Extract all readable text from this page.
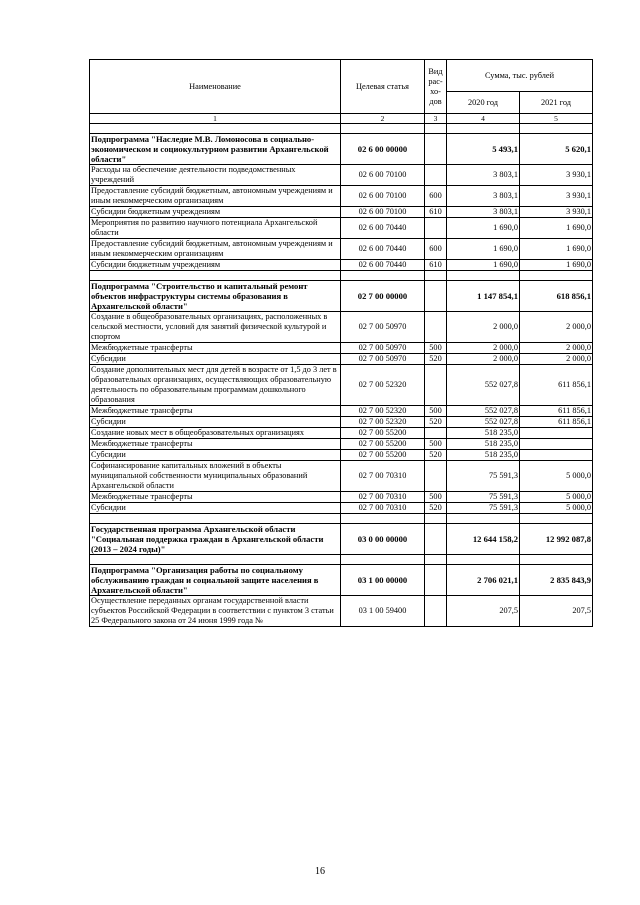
Наименование	Целевая статья	Вид рас-хо-дов	Сумма, тыс. рублей	
			2020 год	2021 год
1	2	3	4	5

Подпрограмма "Наследие М.В. Ломоносова в социально-экономическом и социокультурном развитии Архангельской области"	02 6 00 00000		5 493,1	5 620,1
Расходы на обеспечение деятельности подведомственных учреждений	02 6 00 70100		3 803,1	3 930,1
Предоставление субсидий бюджетным, автономным учреждениям и иным некоммерческим организациям	02 6 00 70100	600	3 803,1	3 930,1
Субсидии бюджетным учреждениям	02 6 00 70100	610	3 803,1	3 930,1
Мероприятия по развитию научного потенциала Архангельской области	02 6 00 70440		1 690,0	1 690,0
Предоставление субсидий бюджетным, автономным учреждениям и иным некоммерческим организациям	02 6 00 70440	600	1 690,0	1 690,0
Субсидии бюджетным учреждениям	02 6 00 70440	610	1 690,0	1 690,0

Подпрограмма "Строительство и капитальный ремонт объектов инфраструктуры системы образования в Архангельской области"	02 7 00 00000		1 147 854,1	618 856,1
Создание в общеобразовательных организациях, расположенных в сельской местности, условий для занятий физической культурой и спортом	02 7 00 50970		2 000,0	2 000,0
Межбюджетные трансферты	02 7 00 50970	500	2 000,0	2 000,0
Субсидии	02 7 00 50970	520	2 000,0	2 000,0
Создание дополнительных мест для детей в возрасте от 1,5 до 3 лет в образовательных организациях, осуществляющих образовательную деятельность по образовательным программам дошкольного образования	02 7 00 52320		552 027,8	611 856,1
Межбюджетные трансферты	02 7 00 52320	500	552 027,8	611 856,1
Субсидии	02 7 00 52320	520	552 027,8	611 856,1
Создание новых мест в общеобразовательных организациях	02 7 00 55200		518 235,0	
Межбюджетные трансферты	02 7 00 55200	500	518 235,0	
Субсидии	02 7 00 55200	520	518 235,0	
Софинансирование капитальных вложений в объекты муниципальной собственности муниципальных образований Архангельской области	02 7 00 70310		75 591,3	5 000,0
Межбюджетные трансферты	02 7 00 70310	500	75 591,3	5 000,0
Субсидии	02 7 00 70310	520	75 591,3	5 000,0

Государственная программа Архангельской области "Социальная поддержка граждан в Архангельской области (2013 – 2024 годы)"	03 0 00 00000		12 644 158,2	12 992 087,8

Подпрограмма "Организация работы по социальному обслуживанию граждан и социальной защите населения в Архангельской области"	03 1 00 00000		2 706 021,1	2 835 843,9
Осуществление переданных органам государственной власти субъектов Российской Федерации в соответствии с пунктом 3 статьи 25 Федерального закона от 24 июня 1999 года №	03 1 00 59400		207,5	207,5
16
